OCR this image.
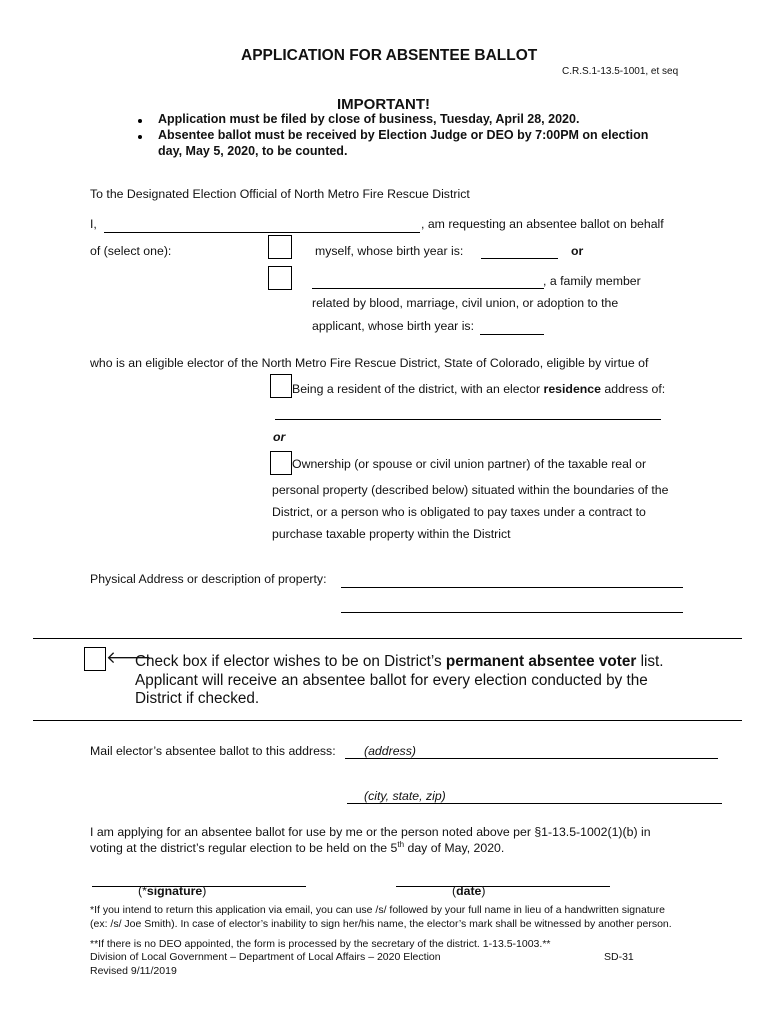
APPLICATION FOR ABSENTEE BALLOT
C.R.S.1-13.5-1001, et seq
IMPORTANT!
Application must be filed by close of business, Tuesday, April 28, 2020.
Absentee ballot must be received by Election Judge or DEO by 7:00PM on election
day, May 5, 2020, to be counted.
To the Designated Election Official of North Metro Fire Rescue District
I,	, am requesting an absentee ballot on behalf
of (select one):	myself, whose birth year is:	or
, a family member
related by blood, marriage, civil union, or adoption to the
applicant, whose birth year is:
who is an eligible elector of the North Metro Fire Rescue District, State of Colorado, eligible by virtue of
Being a resident of the district, with an elector residence address of:
or
Ownership (or spouse or civil union partner) of the taxable real or
personal property (described below) situated within the boundaries of the
District, or a person who is obligated to pay taxes under a contract to
purchase taxable property within the District
Physical Address or description of property:
🡐
Check box if elector wishes to be on District’s permanent absentee voter list.
Applicant will receive an absentee ballot for every election conducted by the
District if checked.
Mail elector’s absentee ballot to this address: (address)
(city, state, zip)
I am applying for an absentee ballot for use by me or the person noted above per §1-13.5-1002(1)(b) in
voting at the district’s regular election to be held on the 5th day of May, 2020.
(*signature)	(date)
*If you intend to return this application via email, you can use /s/ followed by your full name in lieu of a handwritten signature
(ex: /s/ Joe Smith). In case of elector’s inability to sign her/his name, the elector’s mark shall be witnessed by another person.
**If there is no DEO appointed, the form is processed by the secretary of the district. 1-13.5-1003.**
Division of Local Government – Department of Local Affairs – 2020 Election	SD-31
Revised 9/11/2019
